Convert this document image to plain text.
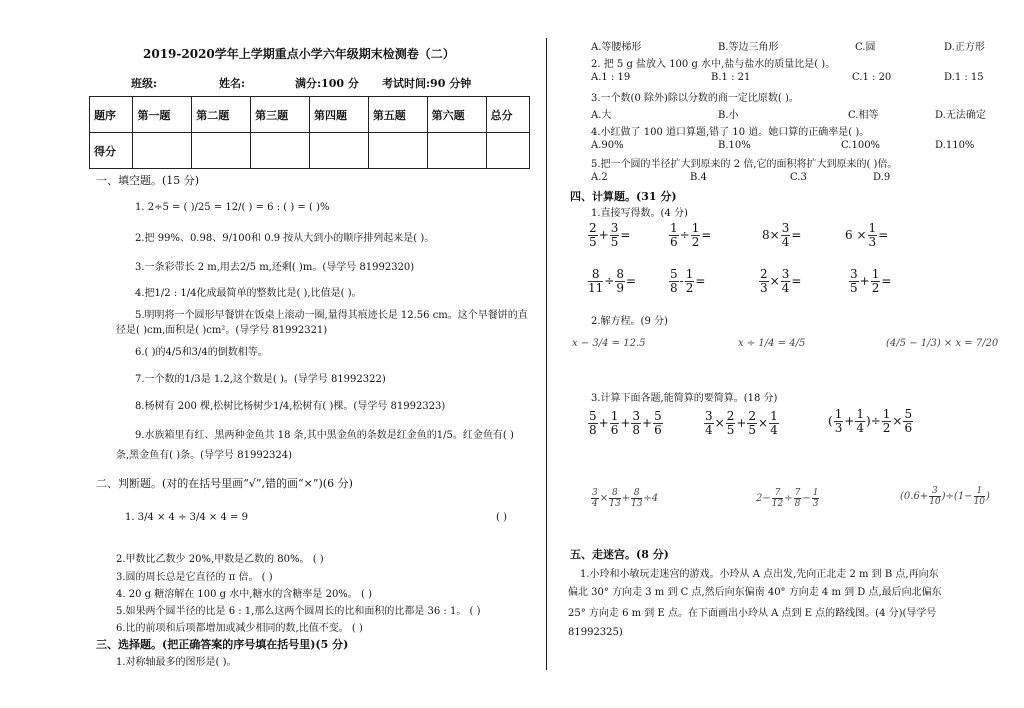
2019-2020学年上学期重点小学六年级期末检测卷（二）
班级:	姓名:	满分:100 分 考试时间:90 分钟
题序	第一题	第二题	第三题	第四题	第五题	第六题	总分
得分							
一、填空题。(15 分)
1. 2÷5 = ( )/25 = 12/( ) = 6 : ( ) = ( )%
2.把 99%、0.98、9/100和 0.9 按从大到小的顺序排列起来是( )。
3.一条彩带长 2 m,用去2/5 m,还剩( )m。(导学号 81992320)
4.把1/2 : 1/4化成最简单的整数比是( ),比值是( )。
5.明明将一个圆形早餐饼在饭桌上滚动一圈,量得其痕迹长是 12.56 cm。这个早餐饼的直
径是( )cm,面积是( )cm²。(导学号 81992321)
6.( )的4/5和3/4的倒数相等。
7.一个数的1/3是 1.2,这个数是( )。(导学号 81992322)
8.杨树有 200 棵,松树比杨树少1/4,松树有( )棵。(导学号 81992323)
9.水族箱里有红、黑两种金鱼共 18 条,其中黑金鱼的条数是红金鱼的1/5。红金鱼有( )
条,黑金鱼有( )条。(导学号 81992324)
二、判断题。(对的在括号里画“√”,错的画“×”)(6 分)
1. 3/4 × 4 ÷ 3/4 × 4 = 9	( )
2.甲数比乙数少 20%,甲数是乙数的 80%。 ( )
3.圆的周长总是它直径的 π 倍。 ( )
4. 20 g 糖溶解在 100 g 水中,糖水的含糖率是 20%。 ( )
5.如果两个圆半径的比是 6 : 1,那么这两个圆周长的比和面积的比都是 36 : 1。 ( )
6.比的前项和后项都增加或减少相同的数,比值不变。 ( )
三、选择题。(把正确答案的序号填在括号里)(5 分)
1.对称轴最多的图形是( )。
A.等腰梯形	B.等边三角形	C.圆	D.正方形
2. 把 5 g 盐放入 100 g 水中,盐与盐水的质量比是( )。
A.1 : 19	B.1 : 21	C.1 : 20	D.1 : 15
3.一个数(0 除外)除以分数的商一定比原数( )。
A.大	B.小	C.相等	D.无法确定
4.小红做了 100 道口算题,错了 10 道。她口算的正确率是( )。
A.90%	B.10%	C.100%	D.110%
5.把一个圆的半径扩大到原来的 2 倍,它的面积将扩大到原来的( )倍。
A.2	B.4	C.3	D.9
四、计算题。(31 分)
1.直接写得数。(4 分)
$\frac{2}{5} + \frac{3}{5}$ =	$\frac{1}{6} \div \frac{1}{2}$ =	$8\times \frac{3}{4}$ =	$6 \times \frac{1}{3}$ =
$\frac{8}{11} \div \frac{8}{9}$ =	$\frac{5}{8} - \frac{1}{2}$ =	$\frac{2}{3} \times \frac{3}{4}$ =	$\frac{3}{5} + \frac{1}{2}$ =
2.解方程。(9 分)
x − 3/4 = 12.5	x ÷ 1/4 = 4/5	(4/5 − 1/3) × x = 7/20
3.计算下面各题,能简算的要简算。(18 分)
$\frac{5}{8} + \frac{1}{6} + \frac{3}{8} + \frac{5}{6}$	$\frac{3}{4} \times \frac{2}{5} + \frac{2}{5} \times \frac{1}{4}$	( $\frac{1}{3} + \frac{1}{4}$ )÷ $\frac{1}{2} \times \frac{5}{6}$
$\frac{3}{4} \times \frac{8}{13} + \frac{8}{13} \div 4$	$2- \frac{7}{12} \div \frac{7}{8} - \frac{1}{3}$	$(0.6+ \frac{3}{10} )\div(1- \frac{1}{10}$ )
五、走迷宫。(8 分)
1.小玲和小敏玩走迷宫的游戏。小玲从 A 点出发,先向正北走 2 m 到 B 点,再向东
偏北 30° 方向走 3 m 到 C 点,然后向东偏南 40° 方向走 4 m 到 D 点,最后向北偏东
25° 方向走 6 m 到 E 点。在下面画出小玲从 A 点到 E 点的路线图。(4 分)(导学号
81992325)
